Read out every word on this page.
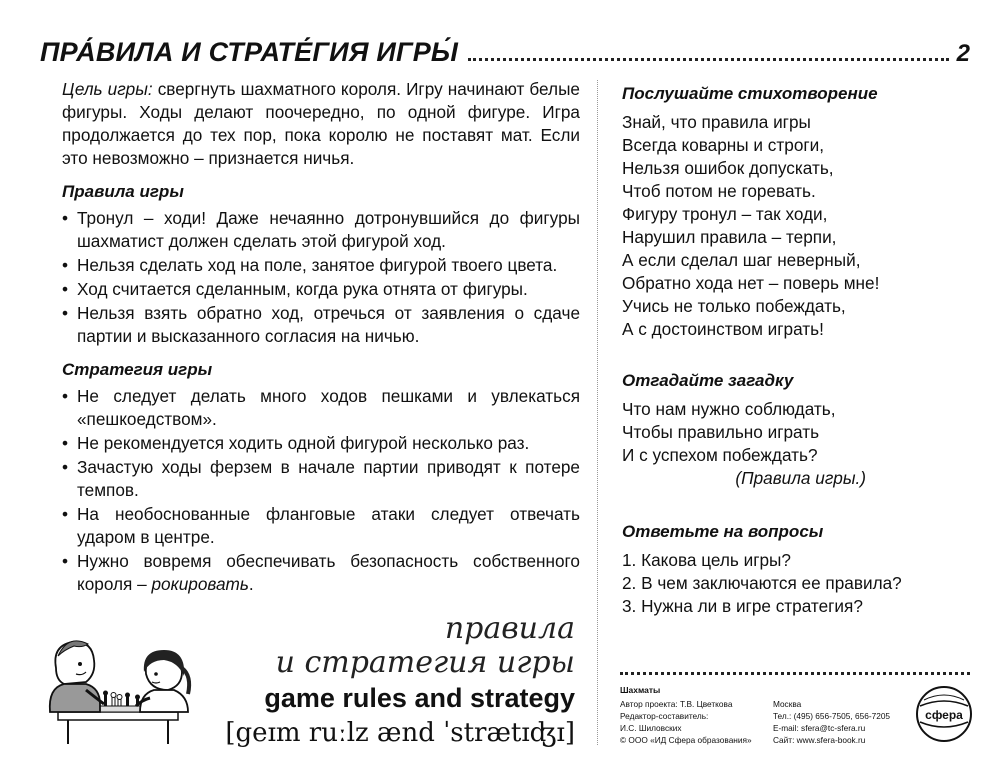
ПРА́ВИЛА И СТРАТЕ́ГИЯ ИГРЫ́	2

Цель игры: свергнуть шахматного короля. Игру начинают белые фигуры. Ходы делают поочередно, по одной фигуре. Игра продолжается до тех пор, пока королю не поставят мат. Если это невозможно – признается ничья.

Правила игры
• Тронул – ходи! Даже нечаянно дотронувшийся до фигуры шахматист должен сделать этой фигурой ход.
• Нельзя сделать ход на поле, занятое фигурой твоего цвета.
• Ход считается сделанным, когда рука отнята от фигуры.
• Нельзя взять обратно ход, отречься от заявления о сдаче партии и высказанного согласия на ничью.
Стратегия игры
• Не следует делать много ходов пешками и увлекаться «пешкоедством».
• Не рекомендуется ходить одной фигурой несколько раз.
• Зачастую ходы ферзем в начале партии приводят к потере темпов.
• На необоснованные фланговые атаки следует отвечать ударом в центре.
• Нужно вовремя обеспечивать безопасность собственного короля – рокировать.
Послушайте стихотворение
Знай, что правила игры
Всегда коварны и строги,
Нельзя ошибок допускать,
Чтоб потом не горевать.
Фигуру тронул – так ходи,
Нарушил правила – терпи,
А если сделал шаг неверный,
Обратно хода нет – поверь мне!
Учись не только побеждать,
А с достоинством играть!
Отгадайте загадку
Что нам нужно соблюдать,
Чтобы правильно играть
И с успехом побеждать?
(Правила игры.)
Ответьте на вопросы
1. Какова цель игры?
2. В чем заключаются ее правила?
3. Нужна ли в игре стратегия?
правила
и стратегия игры
game rules and strategy
[geɪm ruːlz ænd ˈstrætɪʤɪ]
Шахматы
Автор проекта: Т.В. Цветкова
Редактор-составитель:
И.С. Шиловских
© ООО «ИД Сфера образования»
Москва
Тел.: (495) 656-7505, 656-7205
E-mail: sfera@tc-sfera.ru
Сайт: www.sfera-book.ru
сфера
